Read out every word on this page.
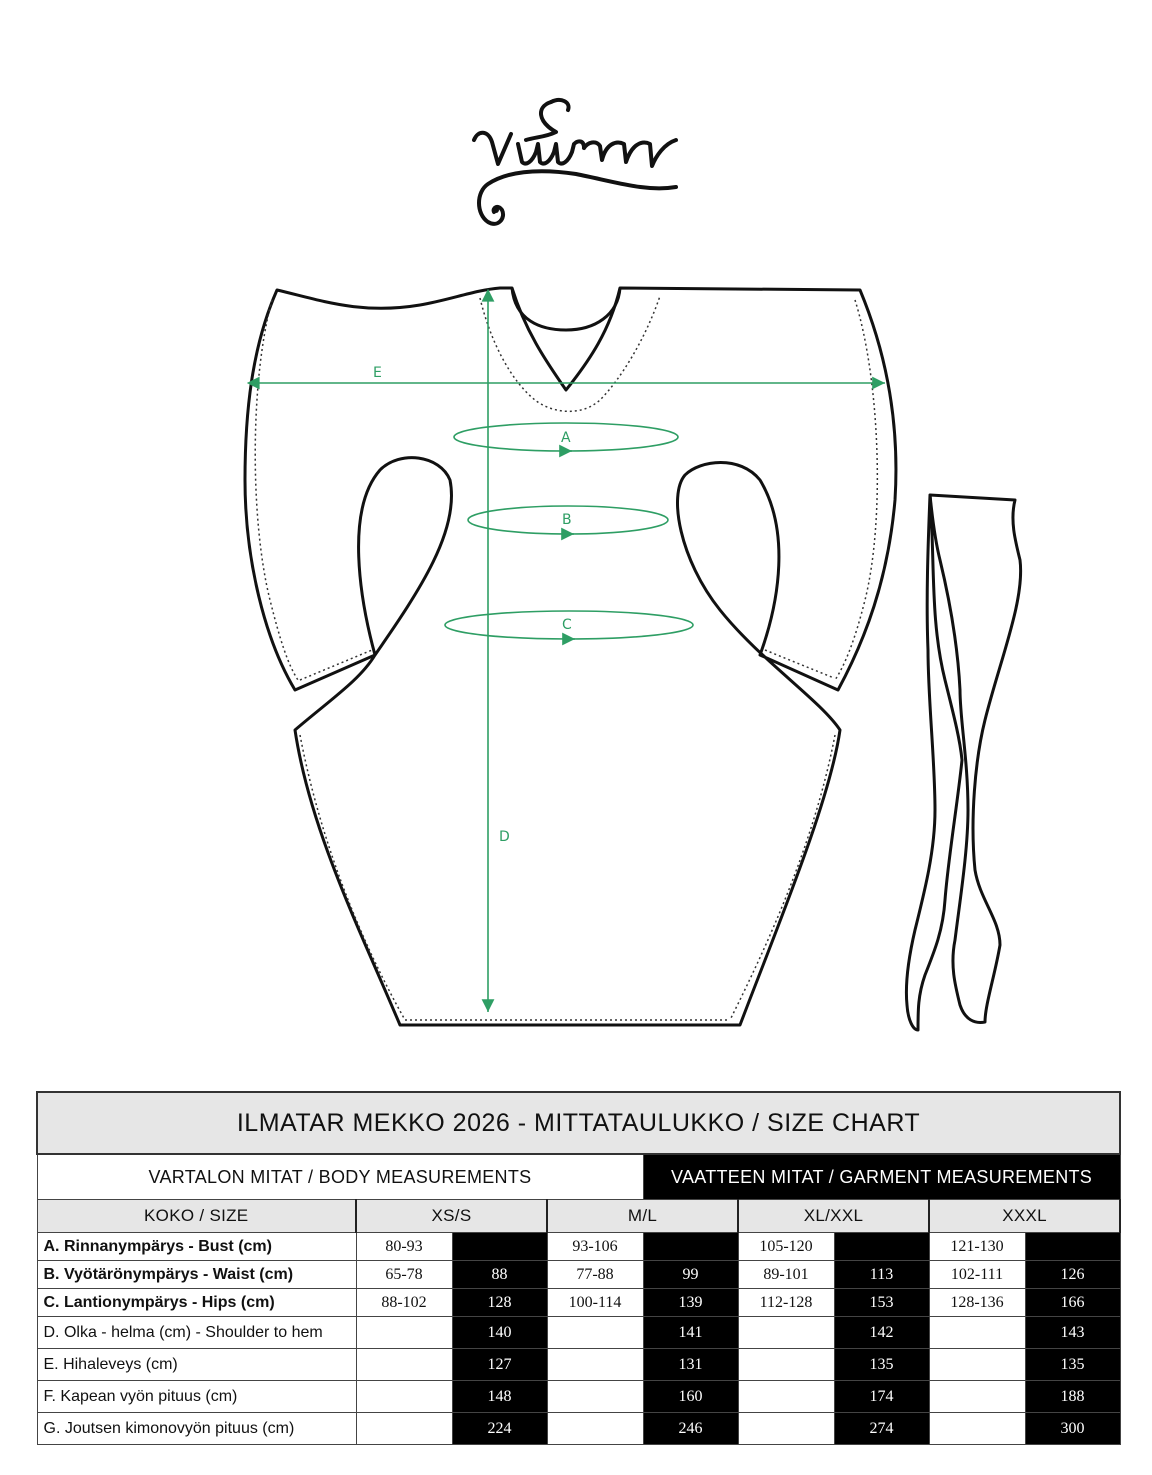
E
A
B
C
D
ILMATAR MEKKO 2026 - MITTATAULUKKO / SIZE CHART								
VARTALON MITAT / BODY MEASUREMENTS				VAATTEEN MITAT / GARMENT MEASUREMENTS				
KOKO / SIZE	XS/S		M/L		XL/XXL		XXXL	
A. Rinnanympärys - Bust (cm)	80-93		93-106		105-120		121-130	
B. Vyötärönympärys - Waist (cm)	65-78	88	77-88	99	89-101	113	102-111	126
C. Lantionympärys - Hips (cm)	88-102	128	100-114	139	112-128	153	128-136	166
D. Olka - helma (cm) - Shoulder to hem		140		141		142		143
E. Hihaleveys (cm)		127		131		135		135
F. Kapean vyön pituus (cm)		148		160		174		188
G. Joutsen kimonovyön pituus (cm)		224		246		274		300
